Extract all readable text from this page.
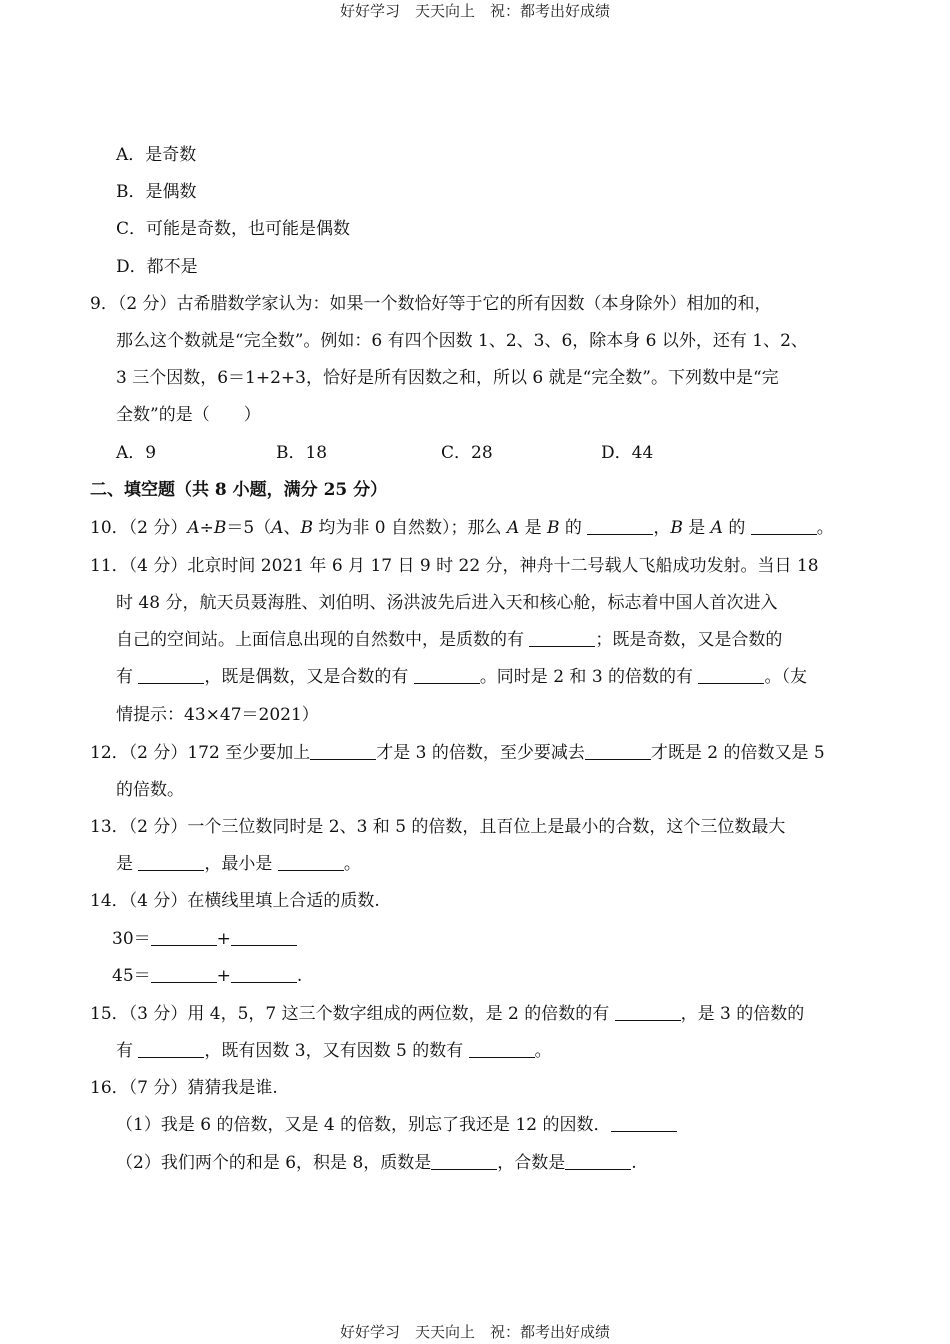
好好学习　天天向上　祝：都考出好成绩
A．是奇数
B．是偶数
C．可能是奇数，也可能是偶数
D．都不是
9．（2 分）古希腊数学家认为：如果一个数恰好等于它的所有因数（本身除外）相加的和，
那么这个数就是“完全数”。例如：6 有四个因数 1、2、3、6，除本身 6 以外，还有 1、2、
3 三个因数，6＝1+2+3，恰好是所有因数之和，所以 6 就是“完全数”。下列数中是“完
全数”的是（　　）
A．9	B．18	C．28	D．44
二、填空题（共 8 小题，满分 25 分）
10．（2 分）A÷B＝5（A、B 均为非 0 自然数）；那么 A 是 B 的	，B 是 A 的	。
11．（4 分）北京时间 2021 年 6 月 17 日 9 时 22 分，神舟十二号载人飞船成功发射。当日 18
时 48 分，航天员聂海胜、刘伯明、汤洪波先后进入天和核心舱，标志着中国人首次进入
自己的空间站。上面信息出现的自然数中，是质数的有	；既是奇数，又是合数的
有	，既是偶数，又是合数的有	。同时是 2 和 3 的倍数的有	。（友
情提示：43×47＝2021）
12．（2 分）172 至少要加上	才是 3 的倍数，至少要减去	才既是 2 的倍数又是 5
的倍数。
13．（2 分）一个三位数同时是 2、3 和 5 的倍数，且百位上是最小的合数，这个三位数最大
是	，最小是	。
14．（4 分）在横线里填上合适的质数.
30＝	+
45＝	+	.
15．（3 分）用 4，5，7 这三个数字组成的两位数，是 2 的倍数的有	，是 3 的倍数的
有	，既有因数 3，又有因数 5 的数有	。
16．（7 分）猜猜我是谁.
（1）我是 6 的倍数，又是 4 的倍数，别忘了我还是 12 的因数．
（2）我们两个的和是 6，积是 8，质数是	，合数是	.
好好学习　天天向上　祝：都考出好成绩
